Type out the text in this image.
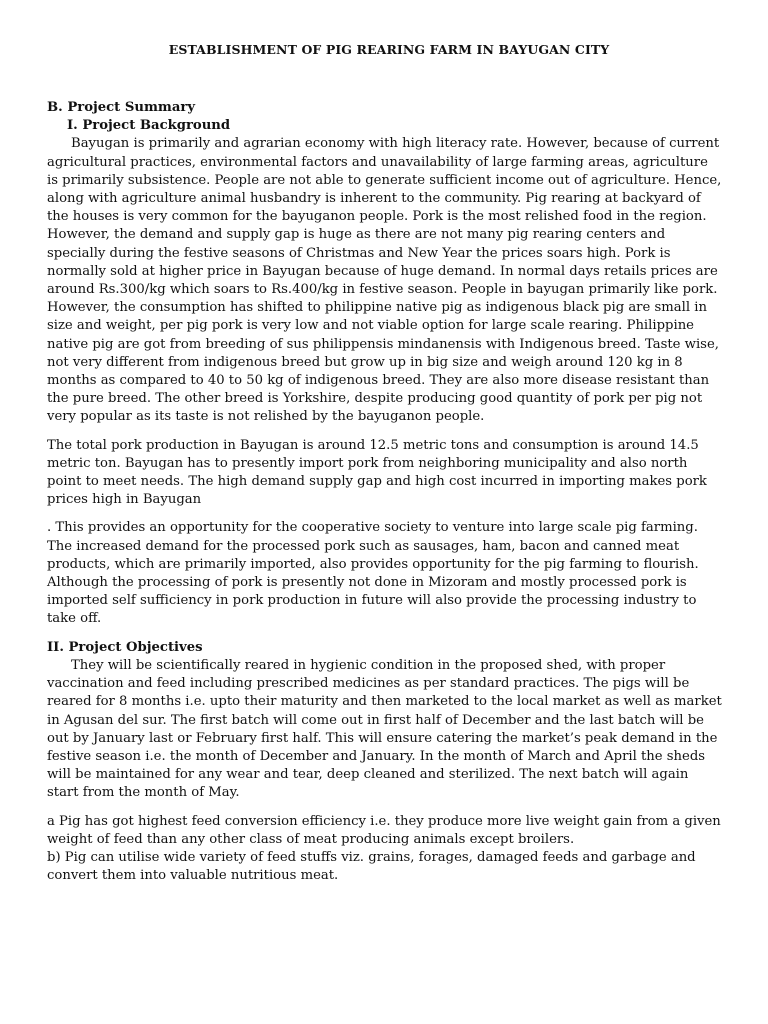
ESTABLISHMENT OF PIG REARING FARM IN BAYUGAN CITY

B. Project Summary

I. Project Background

Bayugan is primarily and agrarian economy with high literacy rate. However, because of current agricultural practices, environmental factors and unavailability of large farming areas, agriculture is primarily subsistence. People are not able to generate sufficient income out of agriculture. Hence, along with agriculture animal husbandry is inherent to the community. Pig rearing at backyard of the houses is very common for the bayuganon people. Pork is the most relished food in the region. However, the demand and supply gap is huge as there are not many pig rearing centers and specially during the festive seasons of Christmas and New Year the prices soars high. Pork is normally sold at higher price in Bayugan because of huge demand. In normal days retails prices are around Rs.300/kg which soars to Rs.400/kg in festive season. People in bayugan primarily like pork. However, the consumption has shifted to philippine native pig as indigenous black pig are small in size and weight, per pig pork is very low and not viable option for large scale rearing. Philippine native pig are got from breeding of sus philippensis mindanensis with Indigenous breed. Taste wise, not very different from indigenous breed but grow up in big size and weigh around 120 kg in 8 months as compared to 40 to 50 kg of indigenous breed. They are also more disease resistant than the pure breed. The other breed is Yorkshire, despite producing good quantity of pork per pig not very popular as its taste is not relished by the bayuganon people.

The total pork production in Bayugan is around 12.5 metric tons and consumption is around 14.5 metric ton. Bayugan has to presently import pork from neighboring municipality and also north point to meet needs. The high demand supply gap and high cost incurred in importing makes pork prices high in Bayugan

. This provides an opportunity for the cooperative society to venture into large scale pig farming. The increased demand for the processed pork such as sausages, ham, bacon and canned meat products, which are primarily imported, also provides opportunity for the pig farming to flourish. Although the processing of pork is presently not done in Mizoram and mostly processed pork is imported self sufficiency in pork production in future will also provide the processing industry to take off.

II. Project Objectives

They will be scientifically reared in hygienic condition in the proposed shed, with proper vaccination and feed including prescribed medicines as per standard practices. The pigs will be reared for 8 months i.e. upto their maturity and then marketed to the local market as well as market in Agusan del sur. The first batch will come out in first half of December and the last batch will be out by January last or February first half. This will ensure catering the market’s peak demand in the festive season i.e. the month of December and January. In the month of March and April the sheds will be maintained for any wear and tear, deep cleaned and sterilized. The next batch will again start from the month of May.

a Pig has got highest feed conversion efficiency i.e. they produce more live weight gain from a given weight of feed than any other class of meat producing animals except broilers.

b) Pig can utilise wide variety of feed stuffs viz. grains, forages, damaged feeds and garbage and convert them into valuable nutritious meat.
